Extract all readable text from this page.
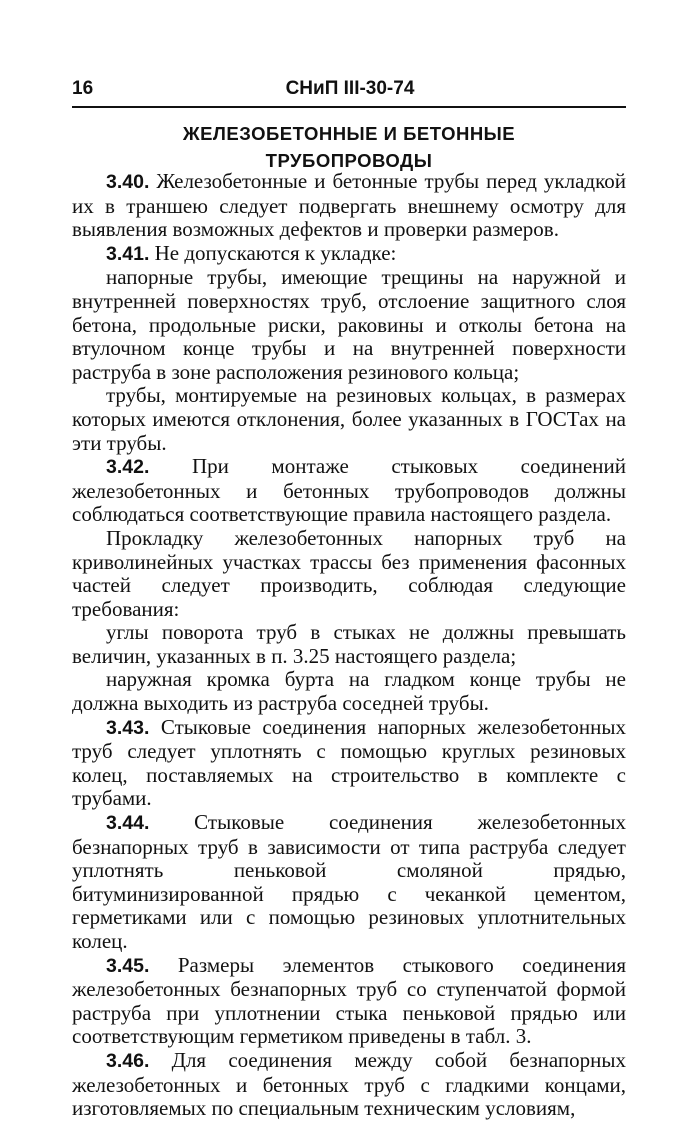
16	СНиП III-30-74
ЖЕЛЕЗОБЕТОННЫЕ И БЕТОННЫЕ
ТРУБОПРОВОДЫ

3.40. Железобетонные и бетонные трубы перед укладкой их в траншею следует подвергать внешнему осмотру для выявления возможных дефектов и проверки размеров.

3.41. Не допускаются к укладке:

напорные трубы, имеющие трещины на наружной и внутренней поверхностях труб, отслоение защитного слоя бетона, продольные риски, раковины и отколы бетона на втулочном конце трубы и на внутренней поверхности раструба в зоне расположения резинового кольца;

трубы, монтируемые на резиновых кольцах, в размерах которых имеются отклонения, более указанных в ГОСТах на эти трубы.

3.42. При монтаже стыковых соединений железобетонных и бетонных трубопроводов должны соблюдаться соответствующие правила настоящего раздела.

Прокладку железобетонных напорных труб на криволинейных участках трассы без применения фасонных частей следует производить, соблюдая следующие требования:

углы поворота труб в стыках не должны превышать величин, указанных в п. 3.25 настоящего раздела;

наружная кромка бурта на гладком конце трубы не должна выходить из раструба соседней трубы.

3.43. Стыковые соединения напорных железобетонных труб следует уплотнять с помощью круглых резиновых колец, поставляемых на строительство в комплекте с трубами.

3.44. Стыковые соединения железобетонных безнапорных труб в зависимости от типа раструба следует уплотнять пеньковой смоляной прядью, битуминизированной прядью с чеканкой цементом, герметиками или с помощью резиновых уплотнительных колец.

3.45. Размеры элементов стыкового соединения железобетонных безнапорных труб со ступенчатой формой раструба при уплотнении стыка пеньковой прядью или соответствующим герметиком приведены в табл. 3.

3.46. Для соединения между собой безнапорных железобетонных и бетонных труб с гладкими концами, изготовляемых по специальным техническим условиям,
